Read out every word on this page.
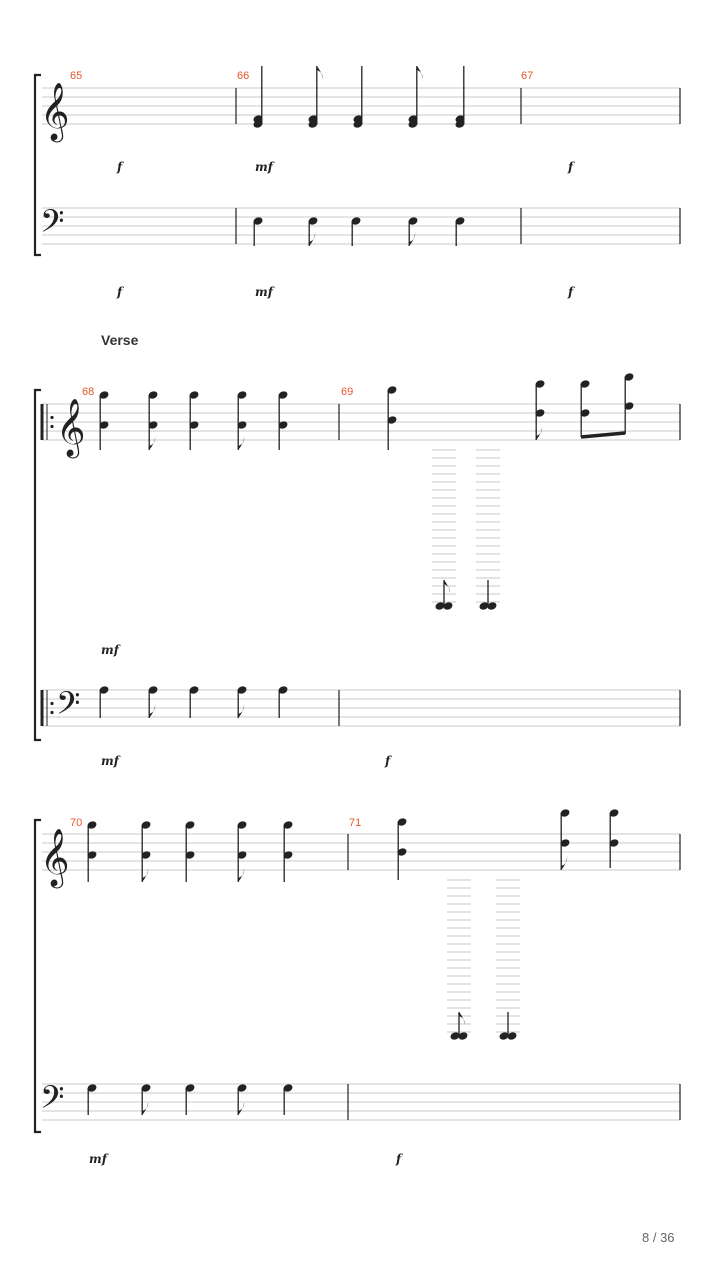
𝄞
𝄢
𝄞
𝄢
𝄞
𝄢
65	66	67
68	69
70	71
Verse
f	mf	f
f	mf	f
mf
mf	f
mf	f
8 / 36
